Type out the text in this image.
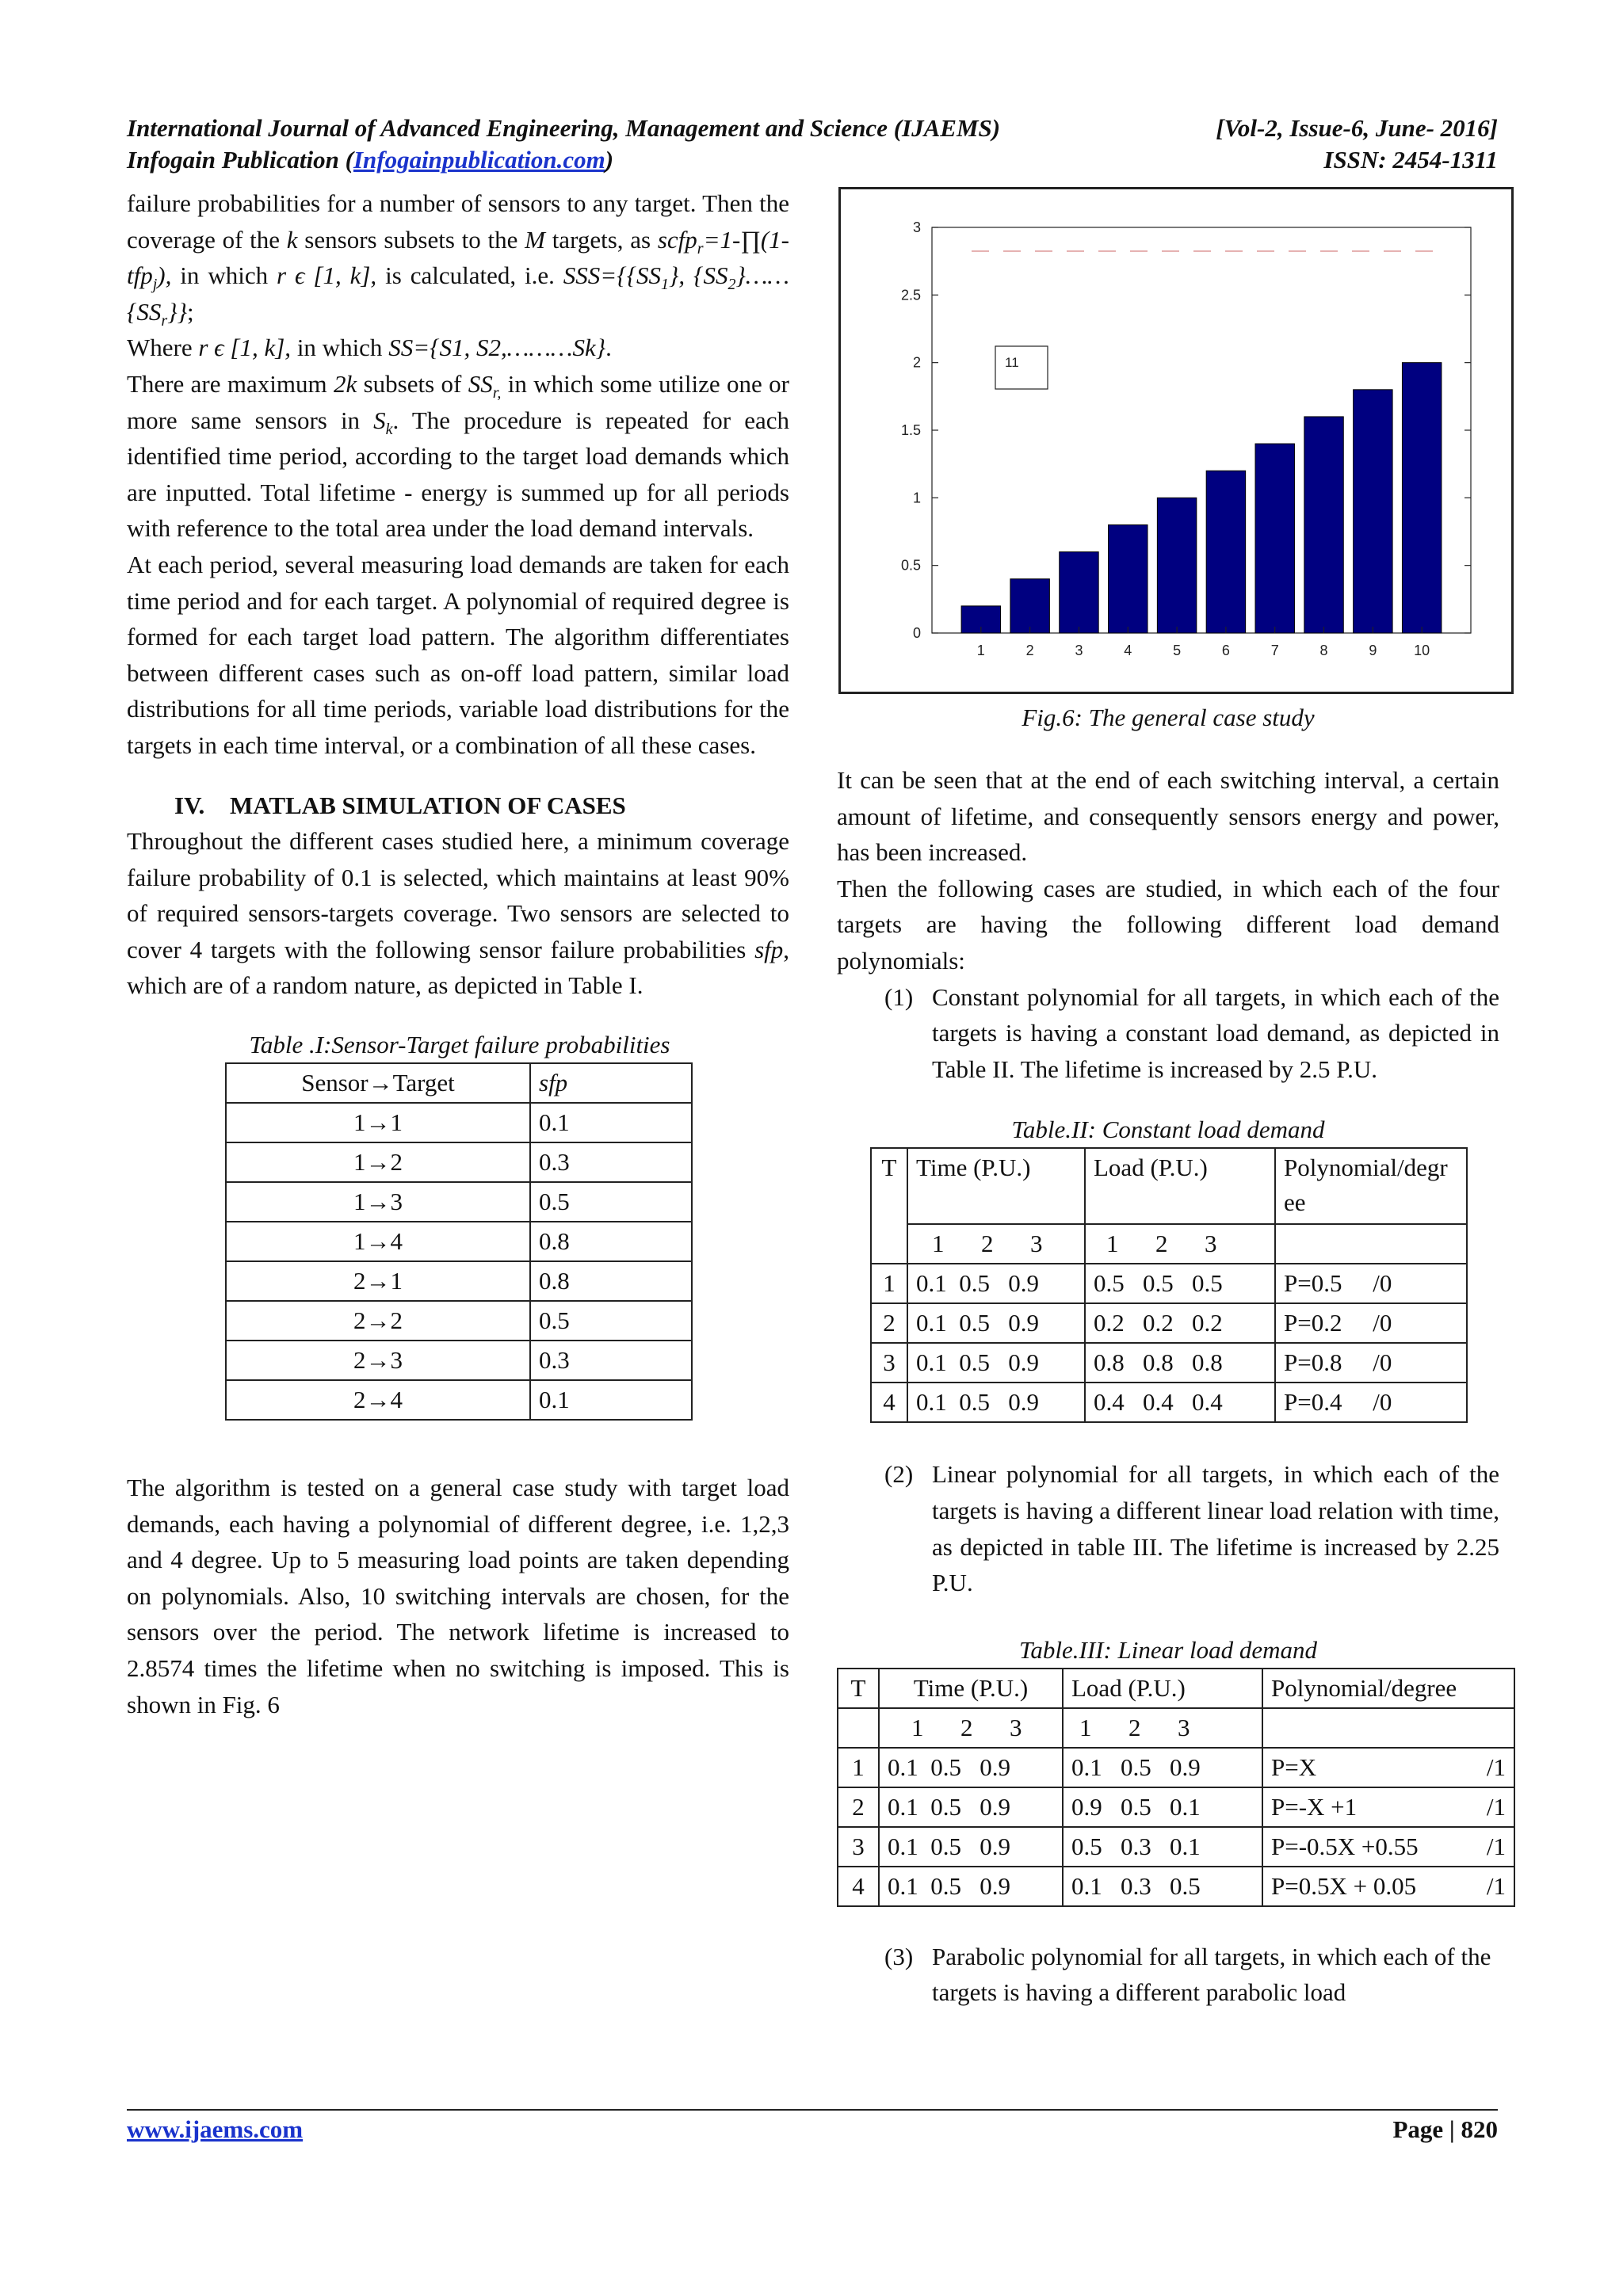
International Journal of Advanced Engineering, Management and Science (IJAEMS)	[Vol-2, Issue-6, June- 2016]
Infogain Publication (Infogainpublication.com)	ISSN: 2454-1311

failure probabilities for a number of sensors to any target. Then the coverage of the k sensors subsets to the M targets, as scfp$_r$=1-∏(1-tfp$_j$), in which r ϵ [1, k], is calculated, i.e. $SSS=\{\{SS_1\}$, $\{SS_2\}\dots\dots\{SS_r\}$};

Where r ϵ [1, k], in which SS={S1, S2,………Sk}.

There are maximum 2k subsets of $SS_{r,}$ in which some utilize one or more same sensors in $S_k$. The procedure is repeated for each identified time period, according to the target load demands which are inputted. Total lifetime - energy is summed up for all periods with reference to the total area under the load demand intervals.

At each period, several measuring load demands are taken for each time period and for each target. A polynomial of required degree is formed for each target load pattern. The algorithm differentiates between different cases such as on-off load pattern, similar load distributions for all time periods, variable load distributions for the targets in each time interval, or a combination of all these cases.

IV.	MATLAB SIMULATION OF CASES

Throughout the different cases studied here, a minimum coverage failure probability of 0.1 is selected, which maintains at least 90% of required sensors-targets coverage. Two sensors are selected to cover 4 targets with the following sensor failure probabilities sfp, which are of a random nature, as depicted in Table I.

Table .I:Sensor-Target failure probabilities
Sensor→Target	sfp
1→1	0.1
1→2	0.3
1→3	0.5
1→4	0.8
2→1	0.8
2→2	0.5
2→3	0.3
2→4	0.1

The algorithm is tested on a general case study with target load demands, each having a polynomial of different degree, i.e. 1,2,3 and 4 degree. Up to 5 measuring load points are taken depending on polynomials. Also, 10 switching intervals are chosen, for the sensors over the period. The network lifetime is increased to 2.8574 times the lifetime when no switching is imposed. This is shown in Fig. 6

0
0.5
1
1.5
2
2.5
3
1	2	3	4	5	6	7	8	9	10
11
Fig.6: The general case study

It can be seen that at the end of each switching interval, a certain amount of lifetime, and consequently sensors energy and power, has been increased.

Then the following cases are studied, in which each of the four targets are having the following different load demand polynomials:

(1) Constant polynomial for all targets, in which each of the targets is having a constant load demand, as depicted in Table II. The lifetime is increased by 2.5 P.U.
Table.II: Constant load demand
T	Time (P.U.)	Load (P.U.)	Polynomial/degree
	1      2      3	1      2      3	
1	0.1  0.5   0.9	0.5   0.5   0.5	P=0.5     /0
2	0.1  0.5   0.9	0.2   0.2   0.2	P=0.2     /0
3	0.1  0.5   0.9	0.8   0.8   0.8	P=0.8     /0
4	0.1  0.5   0.9	0.4   0.4   0.4	P=0.4     /0
(2) Linear polynomial for all targets, in which each of the targets is having a different linear load relation with time, as depicted in table III. The lifetime is increased by 2.25 P.U.
Table.III: Linear load demand
T	Time (P.U.)	Load (P.U.)	Polynomial/degree	
	1      2      3	1      2      3		
1	0.1  0.5   0.9	0.1   0.5   0.9	P=X	/1
2	0.1  0.5   0.9	0.9   0.5   0.1	P=-X +1	/1
3	0.1  0.5   0.9	0.5   0.3   0.1	P=-0.5X +0.55	/1
4	0.1  0.5   0.9	0.1   0.3   0.5	P=0.5X + 0.05	/1
(3) Parabolic polynomial for all targets, in which each of the targets is having a different parabolic load
www.ijaems.com	Page | 820
